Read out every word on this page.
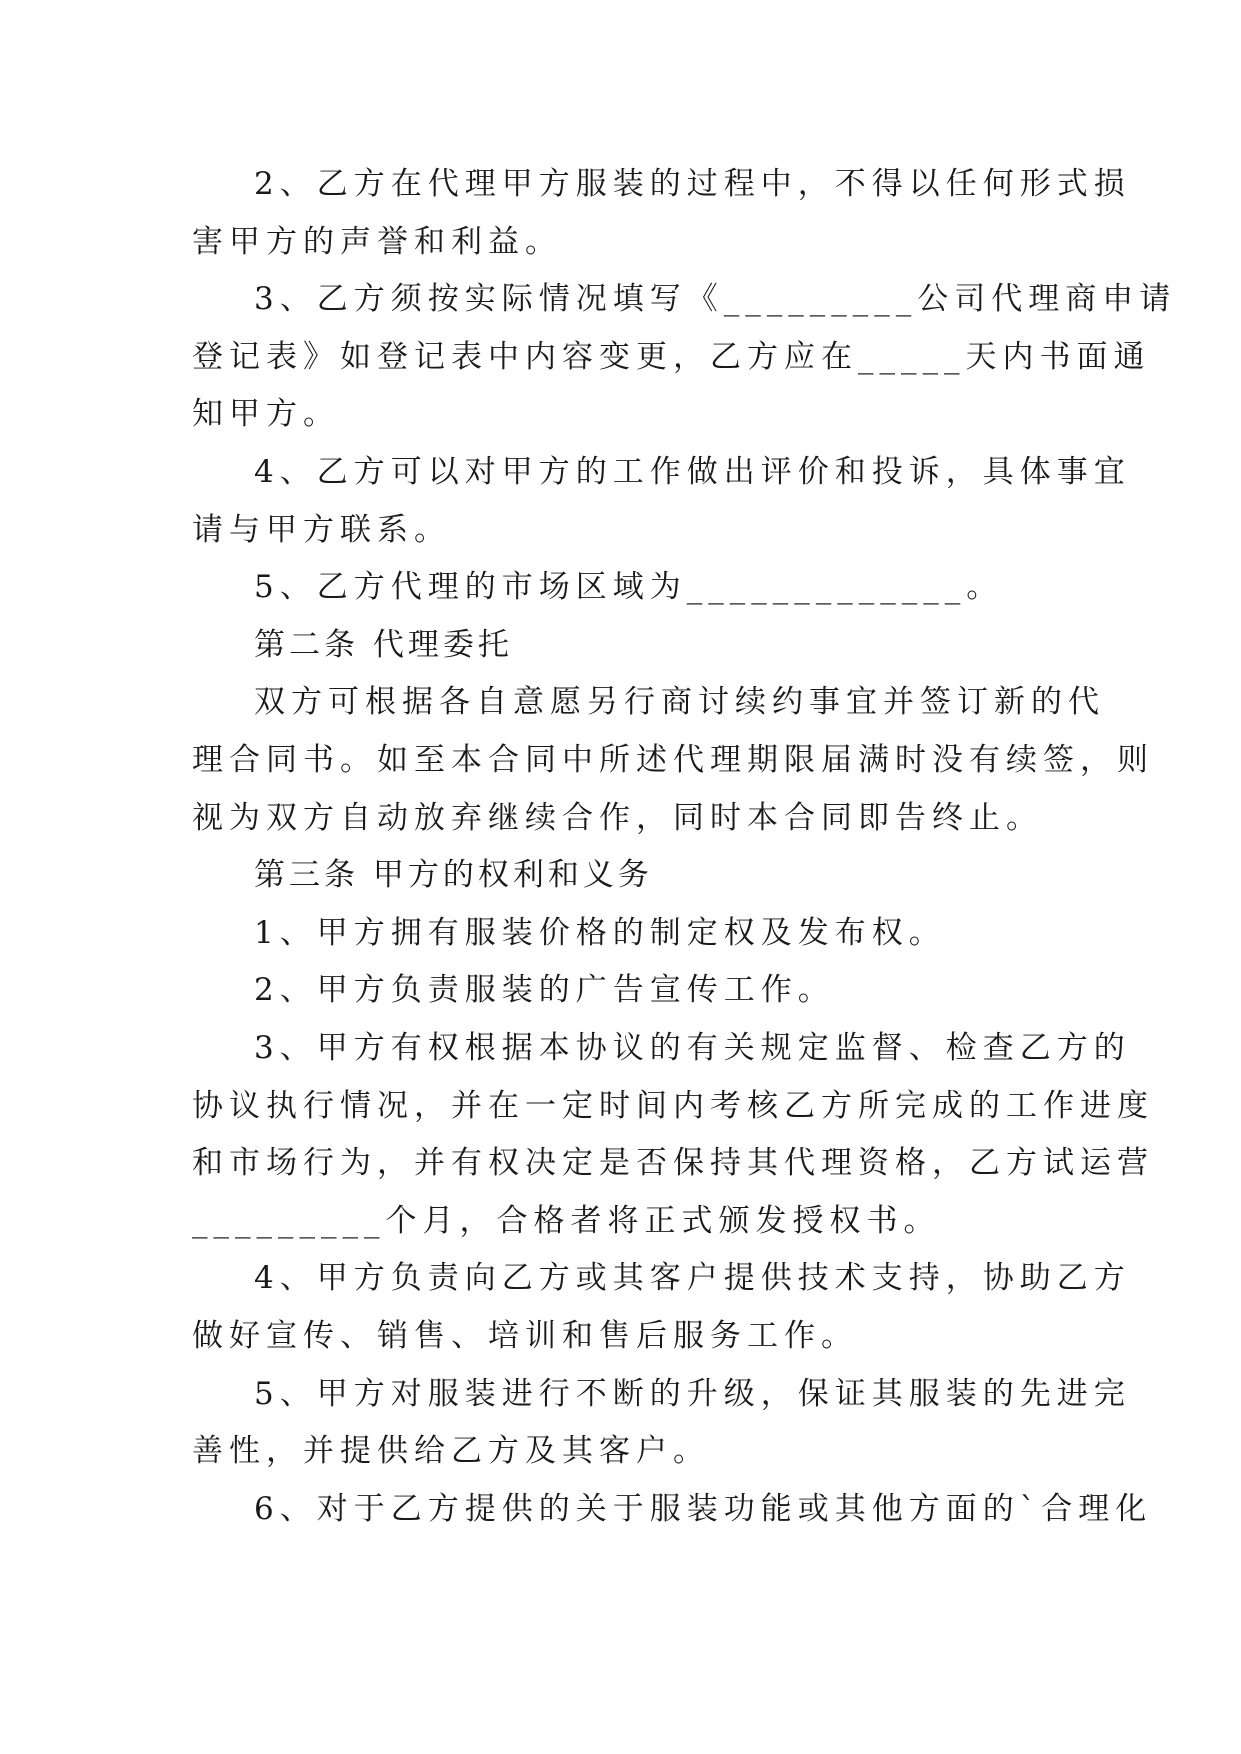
2、乙方在代理甲方服装的过程中，不得以任何形式损
害甲方的声誉和利益。
3、乙方须按实际情况填写《_________公司代理商申请
登记表》如登记表中内容变更，乙方应在_____天内书面通
知甲方。
4、乙方可以对甲方的工作做出评价和投诉，具体事宜
请与甲方联系。
5、乙方代理的市场区域为_____________。
第二条 代理委托
双方可根据各自意愿另行商讨续约事宜并签订新的代
理合同书。如至本合同中所述代理期限届满时没有续签，则
视为双方自动放弃继续合作，同时本合同即告终止。
第三条 甲方的权利和义务
1、甲方拥有服装价格的制定权及发布权。
2、甲方负责服装的广告宣传工作。
3、甲方有权根据本协议的有关规定监督、检查乙方的
协议执行情况，并在一定时间内考核乙方所完成的工作进度
和市场行为，并有权决定是否保持其代理资格，乙方试运营
_________个月，合格者将正式颁发授权书。
4、甲方负责向乙方或其客户提供技术支持，协助乙方
做好宣传、销售、培训和售后服务工作。
5、甲方对服装进行不断的升级，保证其服装的先进完
善性，并提供给乙方及其客户。
6、对于乙方提供的关于服装功能或其他方面的`合理化
